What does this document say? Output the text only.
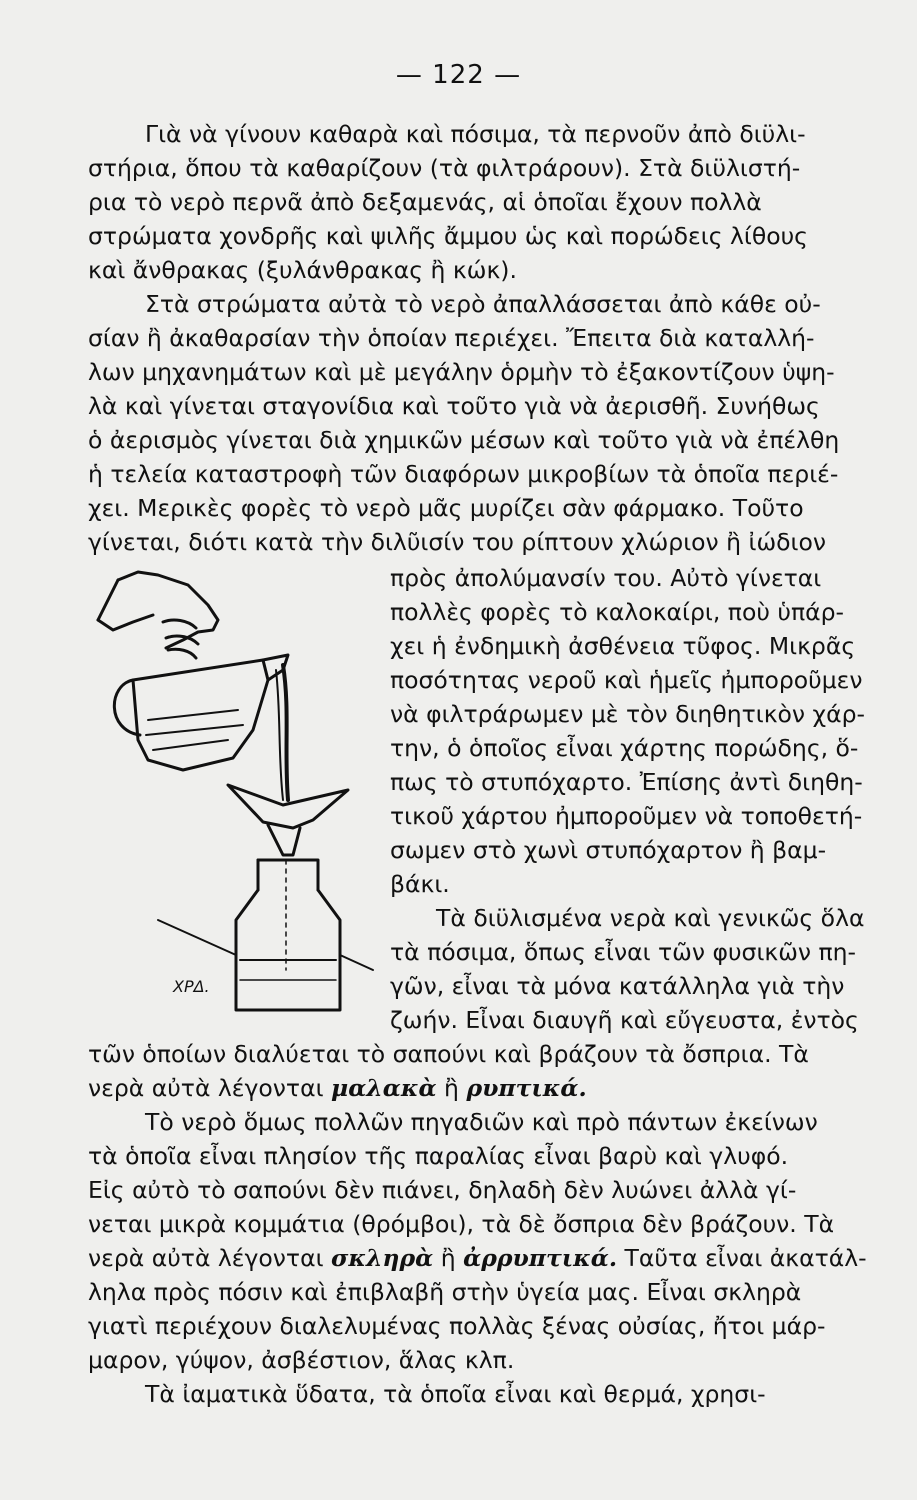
— 122 —
Γιὰ νὰ γίνουν καθαρὰ καὶ πόσιμα, τὰ περνοῦν ἀπὸ διϋλι-
στήρια, ὅπου τὰ καθαρίζουν (τὰ φιλτράρουν). Στὰ διϋλιστή-
ρια τὸ νερὸ περνᾶ ἀπὸ δεξαμενάς, αἱ ὁποῖαι ἔχουν πολλὰ
στρώματα χονδρῆς καὶ ψιλῆς ἄμμου ὡς καὶ πορώδεις λίθους
καὶ ἄνθρακας (ξυλάνθρακας ἢ κώκ).
Στὰ στρώματα αὐτὰ τὸ νερὸ ἀπαλλάσσεται ἀπὸ κάθε οὐ-
σίαν ἢ ἀκαθαρσίαν τὴν ὁποίαν περιέχει. Ἔπειτα διὰ καταλλή-
λων μηχανημάτων καὶ μὲ μεγάλην ὁρμὴν τὸ ἐξακοντίζουν ὑψη-
λὰ καὶ γίνεται σταγονίδια καὶ τοῦτο γιὰ νὰ ἀερισθῆ. Συνήθως
ὁ ἀερισμὸς γίνεται διὰ χημικῶν μέσων καὶ τοῦτο γιὰ νὰ ἐπέλθη
ἡ τελεία καταστροφὴ τῶν διαφόρων μικροβίων τὰ ὁποῖα περιέ-
χει. Μερικὲς φορὲς τὸ νερὸ μᾶς μυρίζει σὰν φάρμακο. Τοῦτο
γίνεται, διότι κατὰ τὴν διλῦισίν του ρίπτουν χλώριον ἢ ἰώδιον
πρὸς ἀπολύμανσίν του. Αὐτὸ γίνεται
πολλὲς φορὲς τὸ καλοκαίρι, ποὺ ὑπάρ-
χει ἡ ἐνδημικὴ ἀσθένεια τῦφος. Μικρᾶς
ποσότητας νεροῦ καὶ ἡμεῖς ἠμποροῦμεν
νὰ φιλτράρωμεν μὲ τὸν διηθητικὸν χάρ-
την, ὁ ὁποῖος εἶναι χάρτης πορώδης, ὅ-
πως τὸ στυπόχαρτο. Ἐπίσης ἀντὶ διηθη-
τικοῦ χάρτου ἠμποροῦμεν νὰ τοποθετή-
σωμεν στὸ χωνὶ στυπόχαρτον ἢ βαμ-
βάκι.
Τὰ διϋλισμένα νερὰ καὶ γενικῶς ὅλα
τὰ πόσιμα, ὅπως εἶναι τῶν φυσικῶν πη-
γῶν, εἶναι τὰ μόνα κατάλληλα γιὰ τὴν
ζωήν. Εἶναι διαυγῆ καὶ εὔγευστα, ἐντὸς
τῶν ὁποίων διαλύεται τὸ σαπούνι καὶ βράζουν τὰ ὄσπρια. Τὰ
νερὰ αὐτὰ λέγονται μαλακὰ ἢ ρυπτικά.
Τὸ νερὸ ὅμως πολλῶν πηγαδιῶν καὶ πρὸ πάντων ἐκείνων
τὰ ὁποῖα εἶναι πλησίον τῆς παραλίας εἶναι βαρὺ καὶ γλυφό.
Εἰς αὐτὸ τὸ σαπούνι δὲν πιάνει, δηλαδὴ δὲν λυώνει ἀλλὰ γί-
νεται μικρὰ κομμάτια (θρόμβοι), τὰ δὲ ὄσπρια δὲν βράζουν. Τὰ
νερὰ αὐτὰ λέγονται σκληρὰ ἢ ἀρρυπτικά. Ταῦτα εἶναι ἀκατάλ-
ληλα πρὸς πόσιν καὶ ἐπιβλαβῆ στὴν ὑγεία μας. Εἶναι σκληρὰ
γιατὶ περιέχουν διαλελυμένας πολλὰς ξένας οὐσίας, ἤτοι μάρ-
μαρον, γύψον, ἀσβέστιον, ἅλας κλπ.
Τὰ ἰαματικὰ ὕδατα, τὰ ὁποῖα εἶναι καὶ θερμά, χρησι-
ΧΡΔ.
